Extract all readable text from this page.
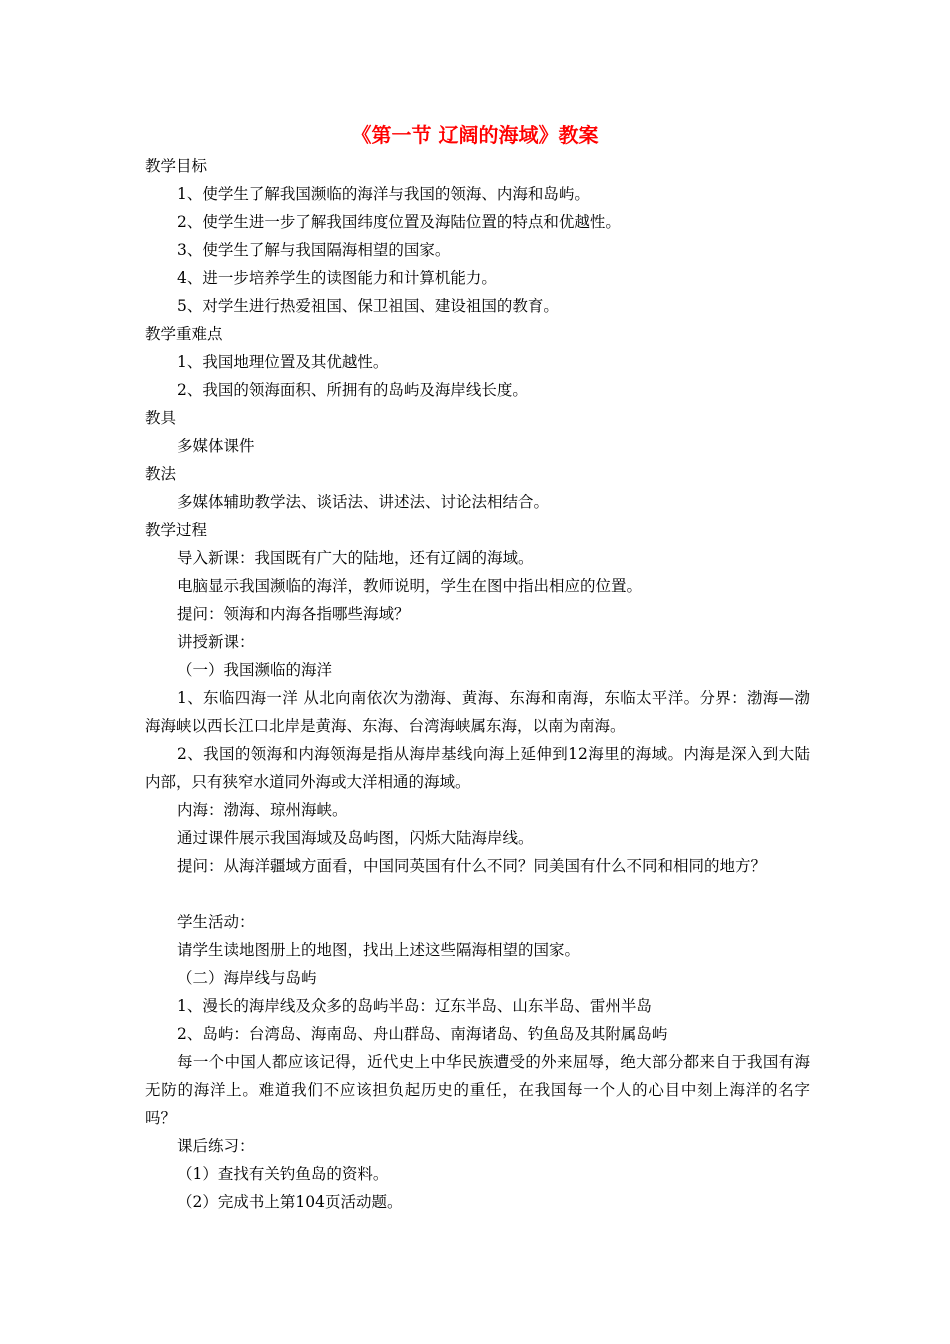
《第一节 辽阔的海域》教案

教学目标

1、使学生了解我国濒临的海洋与我国的领海、内海和岛屿。

2、使学生进一步了解我国纬度位置及海陆位置的特点和优越性。

3、使学生了解与我国隔海相望的国家。

4、进一步培养学生的读图能力和计算机能力。

5、对学生进行热爱祖国、保卫祖国、建设祖国的教育。

教学重难点

1、我国地理位置及其优越性。

2、我国的领海面积、所拥有的岛屿及海岸线长度。

教具

多媒体课件

教法

多媒体辅助教学法、谈话法、讲述法、讨论法相结合。

教学过程

导入新课：我国既有广大的陆地，还有辽阔的海域。

电脑显示我国濒临的海洋，教师说明，学生在图中指出相应的位置。

提问：领海和内海各指哪些海域？

讲授新课：

（一）我国濒临的海洋

1、东临四海一洋 从北向南依次为渤海、黄海、东海和南海，东临太平洋。分界：渤海—渤海海峡以西长江口北岸是黄海、东海、台湾海峡属东海，以南为南海。

2、我国的领海和内海领海是指从海岸基线向海上延伸到12海里的海域。内海是深入到大陆内部，只有狭窄水道同外海或大洋相通的海域。

内海：渤海、琼州海峡。

通过课件展示我国海域及岛屿图，闪烁大陆海岸线。

提问：从海洋疆域方面看，中国同英国有什么不同？同美国有什么不同和相同的地方？

学生活动：

请学生读地图册上的地图，找出上述这些隔海相望的国家。

（二）海岸线与岛屿

1、漫长的海岸线及众多的岛屿半岛：辽东半岛、山东半岛、雷州半岛

2、岛屿：台湾岛、海南岛、舟山群岛、南海诸岛、钓鱼岛及其附属岛屿

每一个中国人都应该记得，近代史上中华民族遭受的外来屈辱，绝大部分都来自于我国有海无防的海洋上。难道我们不应该担负起历史的重任，在我国每一个人的心目中刻上海洋的名字吗？

课后练习：

（1）查找有关钓鱼岛的资料。

（2）完成书上第104页活动题。
